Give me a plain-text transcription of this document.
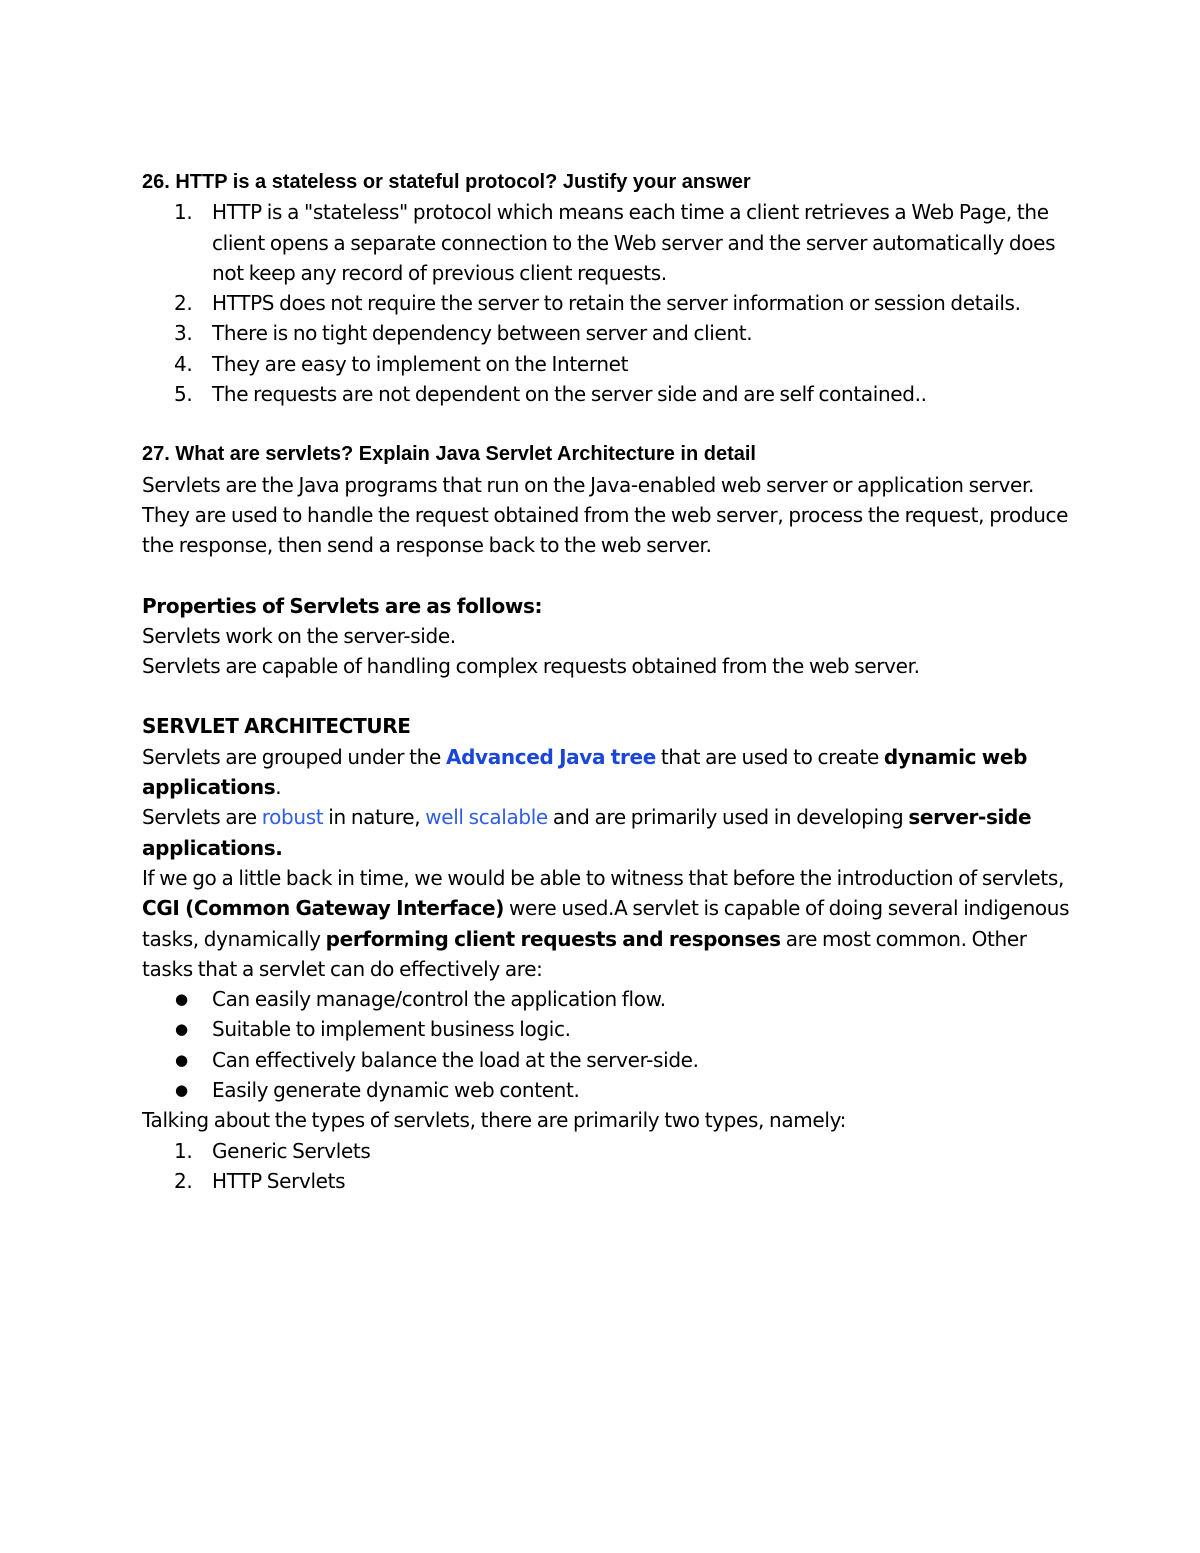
26. HTTP is a stateless or stateful protocol? Justify your answer

1. HTTP is a "stateless" protocol which means each time a client retrieves a Web Page, the client opens a separate connection to the Web server and the server automatically does not keep any record of previous client requests.
2. HTTPS does not require the server to retain the server information or session details.
3. There is no tight dependency between server and client.
4. They are easy to implement on the Internet
5. The requests are not dependent on the server side and are self contained..

27. What are servlets? Explain Java Servlet Architecture in detail

Servlets are the Java programs that run on the Java-enabled web server or application server. They are used to handle the request obtained from the web server, process the request, produce the response, then send a response back to the web server.

Properties of Servlets are as follows:

Servlets work on the server-side.

Servlets are capable of handling complex requests obtained from the web server.

SERVLET ARCHITECTURE

Servlets are grouped under the Advanced Java tree that are used to create dynamic web applications.

Servlets are robust in nature, well scalable and are primarily used in developing server-side applications.

If we go a little back in time, we would be able to witness that before the introduction of servlets, CGI (Common Gateway Interface) were used.A servlet is capable of doing several indigenous tasks, dynamically performing client requests and responses are most common. Other tasks that a servlet can do effectively are:

● Can easily manage/control the application flow.
● Suitable to implement business logic.
● Can effectively balance the load at the server-side.
● Easily generate dynamic web content.

Talking about the types of servlets, there are primarily two types, namely:

1. Generic Servlets
2. HTTP Servlets
